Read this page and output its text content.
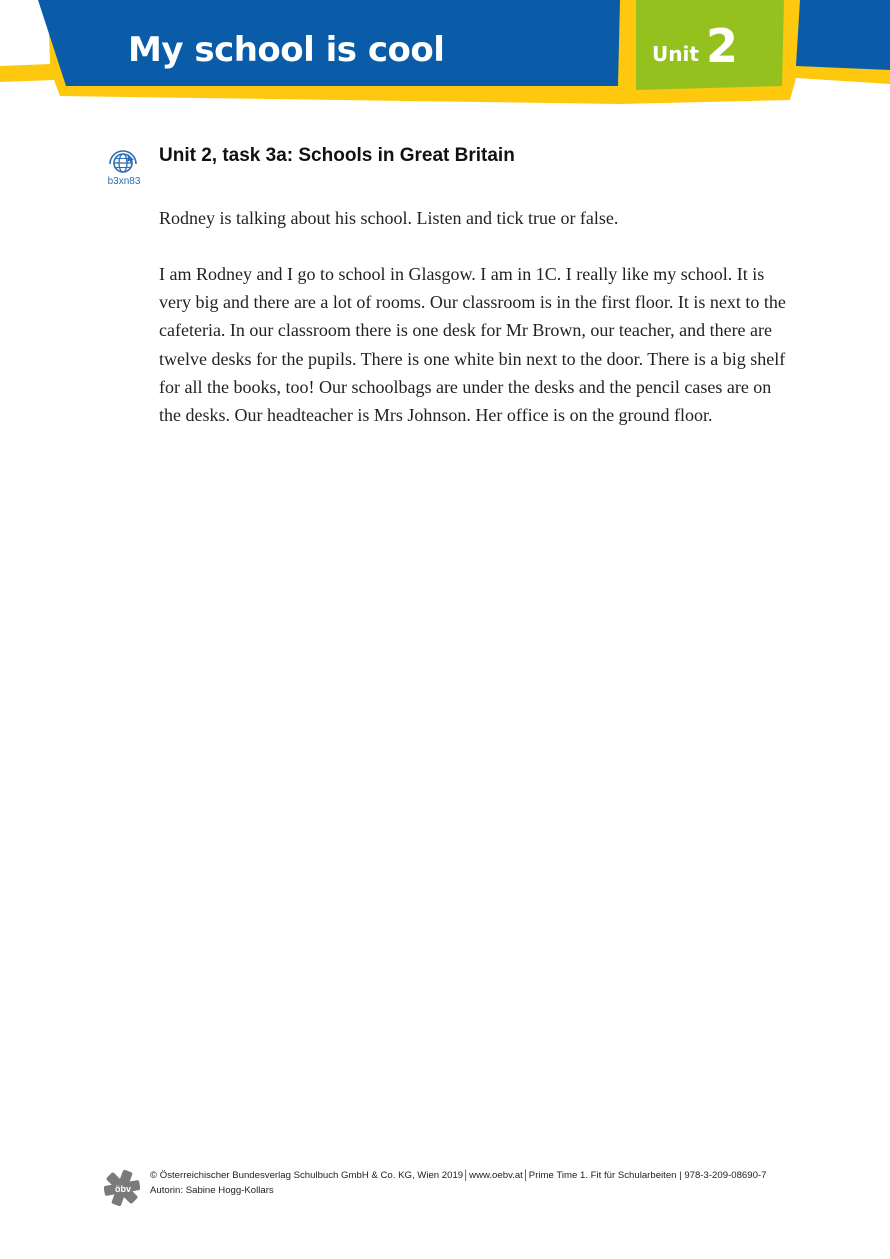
My school is cool	Unit 2
b3xn83
Unit 2, task 3a: Schools in Great Britain
Rodney is talking about his school. Listen and tick true or false.

I am Rodney and I go to school in Glasgow. I am in 1C. I really like my school. It is very big and there are a lot of rooms. Our classroom is in the first floor. It is next to the cafeteria. In our classroom there is one desk for Mr Brown, our teacher, and there are twelve desks for the pupils. There is one white bin next to the door. There is a big shelf for all the books, too! Our schoolbags are under the desks and the pencil cases are on the desks. Our headteacher is Mrs Johnson. Her office is on the ground floor.

öbv
© Österreichischer Bundesverlag Schulbuch GmbH & Co. KG, Wien 2019│www.oebv.at│Prime Time 1. Fit für Schularbeiten | 978-3-209-08690-7
Autorin: Sabine Hogg-Kollars
